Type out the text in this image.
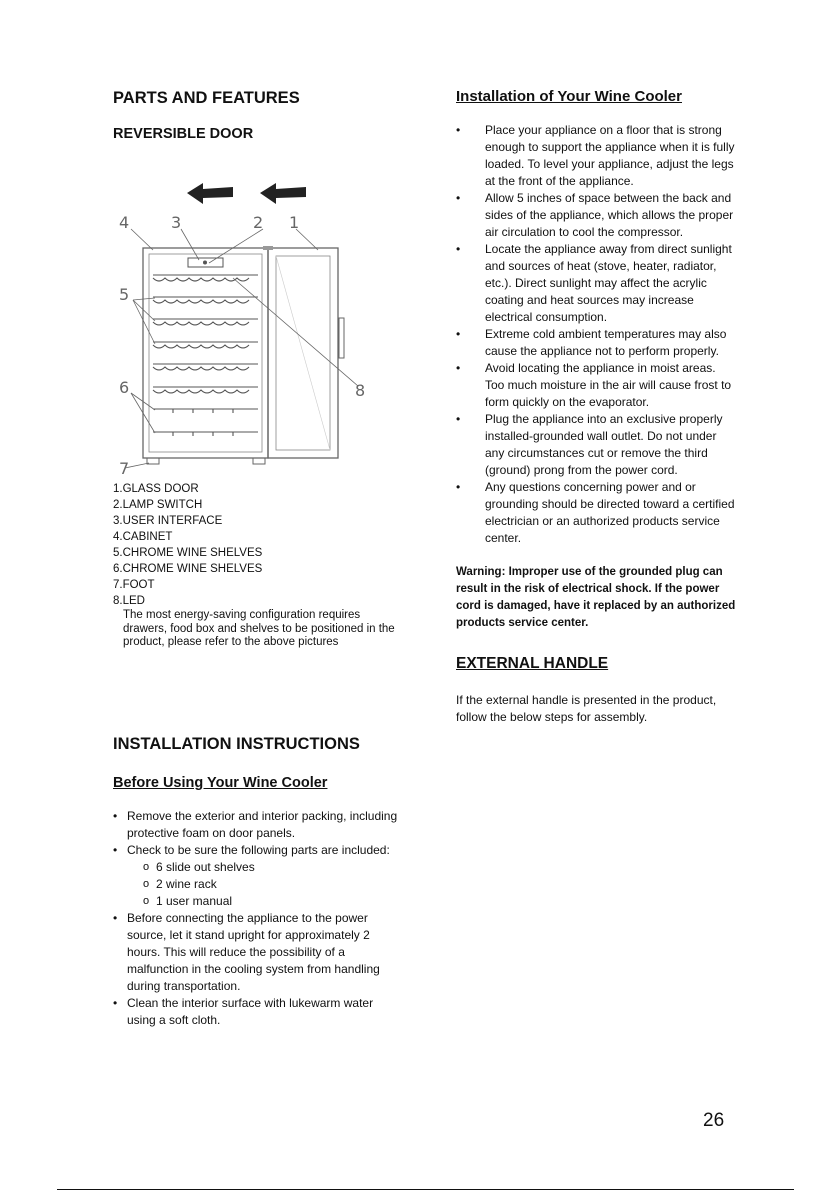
PARTS AND FEATURES
REVERSIBLE DOOR
4	3	2 1
5
6	8
7
1.GLASS DOOR
2.LAMP SWITCH
3.USER INTERFACE
4.CABINET
5.CHROME WINE SHELVES
6.CHROME WINE SHELVES
7.FOOT
8.LED
The most energy-saving configuration requires drawers, food box and shelves to be positioned in the product, please refer to the above pictures
INSTALLATION INSTRUCTIONS
Before Using Your Wine Cooler
• Remove the exterior and interior packing, including protective foam on door panels.
• Check to be sure the following parts are included:
o 6 slide out shelves
o 2 wine rack
o 1 user manual
• Before connecting the appliance to the power source, let it stand upright for approximately 2 hours. This will reduce the possibility of a malfunction in the cooling system from handling during transportation.
• Clean the interior surface with lukewarm water using a soft cloth.
Installation of Your Wine Cooler
• Place your appliance on a floor that is strong enough to support the appliance when it is fully loaded. To level your appliance, adjust the legs at the front of the appliance.
• Allow 5 inches of space between the back and sides of the appliance, which allows the proper air circulation to cool the compressor.
• Locate the appliance away from direct sunlight and sources of heat (stove, heater, radiator, etc.). Direct sunlight may affect the acrylic coating and heat sources may increase electrical consumption.
• Extreme cold ambient temperatures may also cause the appliance not to perform properly.
• Avoid locating the appliance in moist areas. Too much moisture in the air will cause frost to form quickly on the evaporator.
• Plug the appliance into an exclusive properly installed-grounded wall outlet. Do not under any circumstances cut or remove the third (ground) prong from the power cord.
• Any questions concerning power and or grounding should be directed toward a certified electrician or an authorized products service center.
Warning: Improper use of the grounded plug can result in the risk of electrical shock. If the power cord is damaged, have it replaced by an authorized products service center.
EXTERNAL HANDLE
If the external handle is presented in the product, follow the below steps for assembly.
26
